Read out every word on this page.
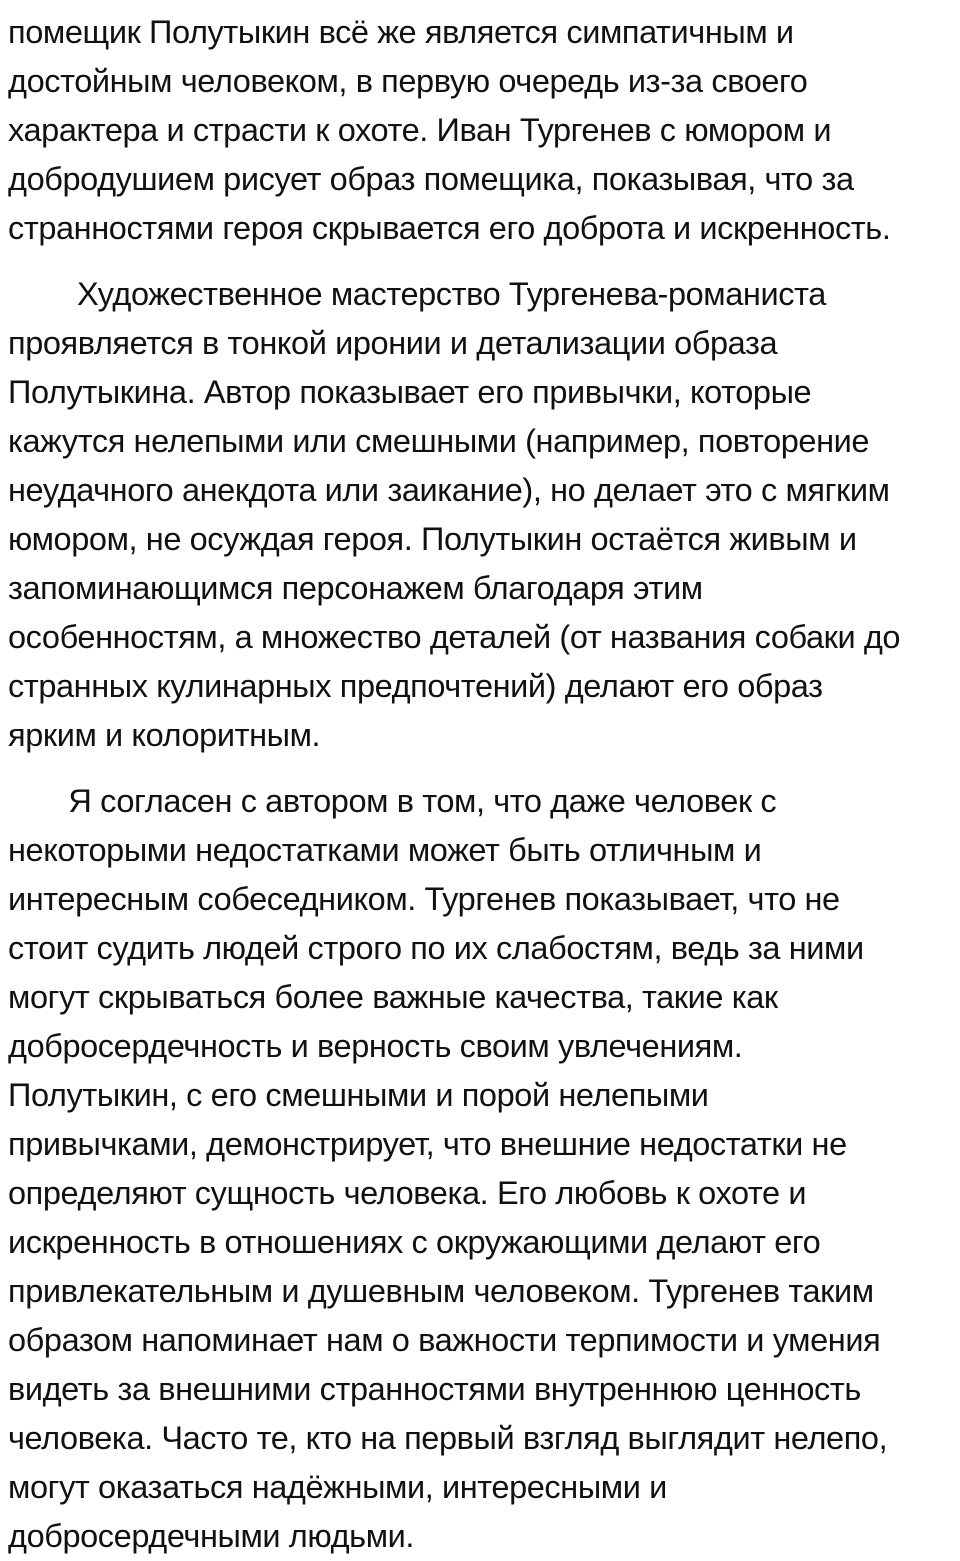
помещик Полутыкин всё же является симпатичным и
достойным человеком, в первую очередь из-за своего
характера и страсти к охоте. Иван Тургенев с юмором и
добродушием рисует образ помещика, показывая, что за
странностями героя скрывается его доброта и искренность.
Художественное мастерство Тургенева-романиста
проявляется в тонкой иронии и детализации образа
Полутыкина. Автор показывает его привычки, которые
кажутся нелепыми или смешными (например, повторение
неудачного анекдота или заикание), но делает это с мягким
юмором, не осуждая героя. Полутыкин остаётся живым и
запоминающимся персонажем благодаря этим
особенностям, а множество деталей (от названия собаки до
странных кулинарных предпочтений) делают его образ
ярким и колоритным.
Я согласен с автором в том, что даже человек с
некоторыми недостатками может быть отличным и
интересным собеседником. Тургенев показывает, что не
стоит судить людей строго по их слабостям, ведь за ними
могут скрываться более важные качества, такие как
добросердечность и верность своим увлечениям.
Полутыкин, с его смешными и порой нелепыми
привычками, демонстрирует, что внешние недостатки не
определяют сущность человека. Его любовь к охоте и
искренность в отношениях с окружающими делают его
привлекательным и душевным человеком. Тургенев таким
образом напоминает нам о важности терпимости и умения
видеть за внешними странностями внутреннюю ценность
человека. Часто те, кто на первый взгляд выглядит нелепо,
могут оказаться надёжными, интересными и
добросердечными людьми.
